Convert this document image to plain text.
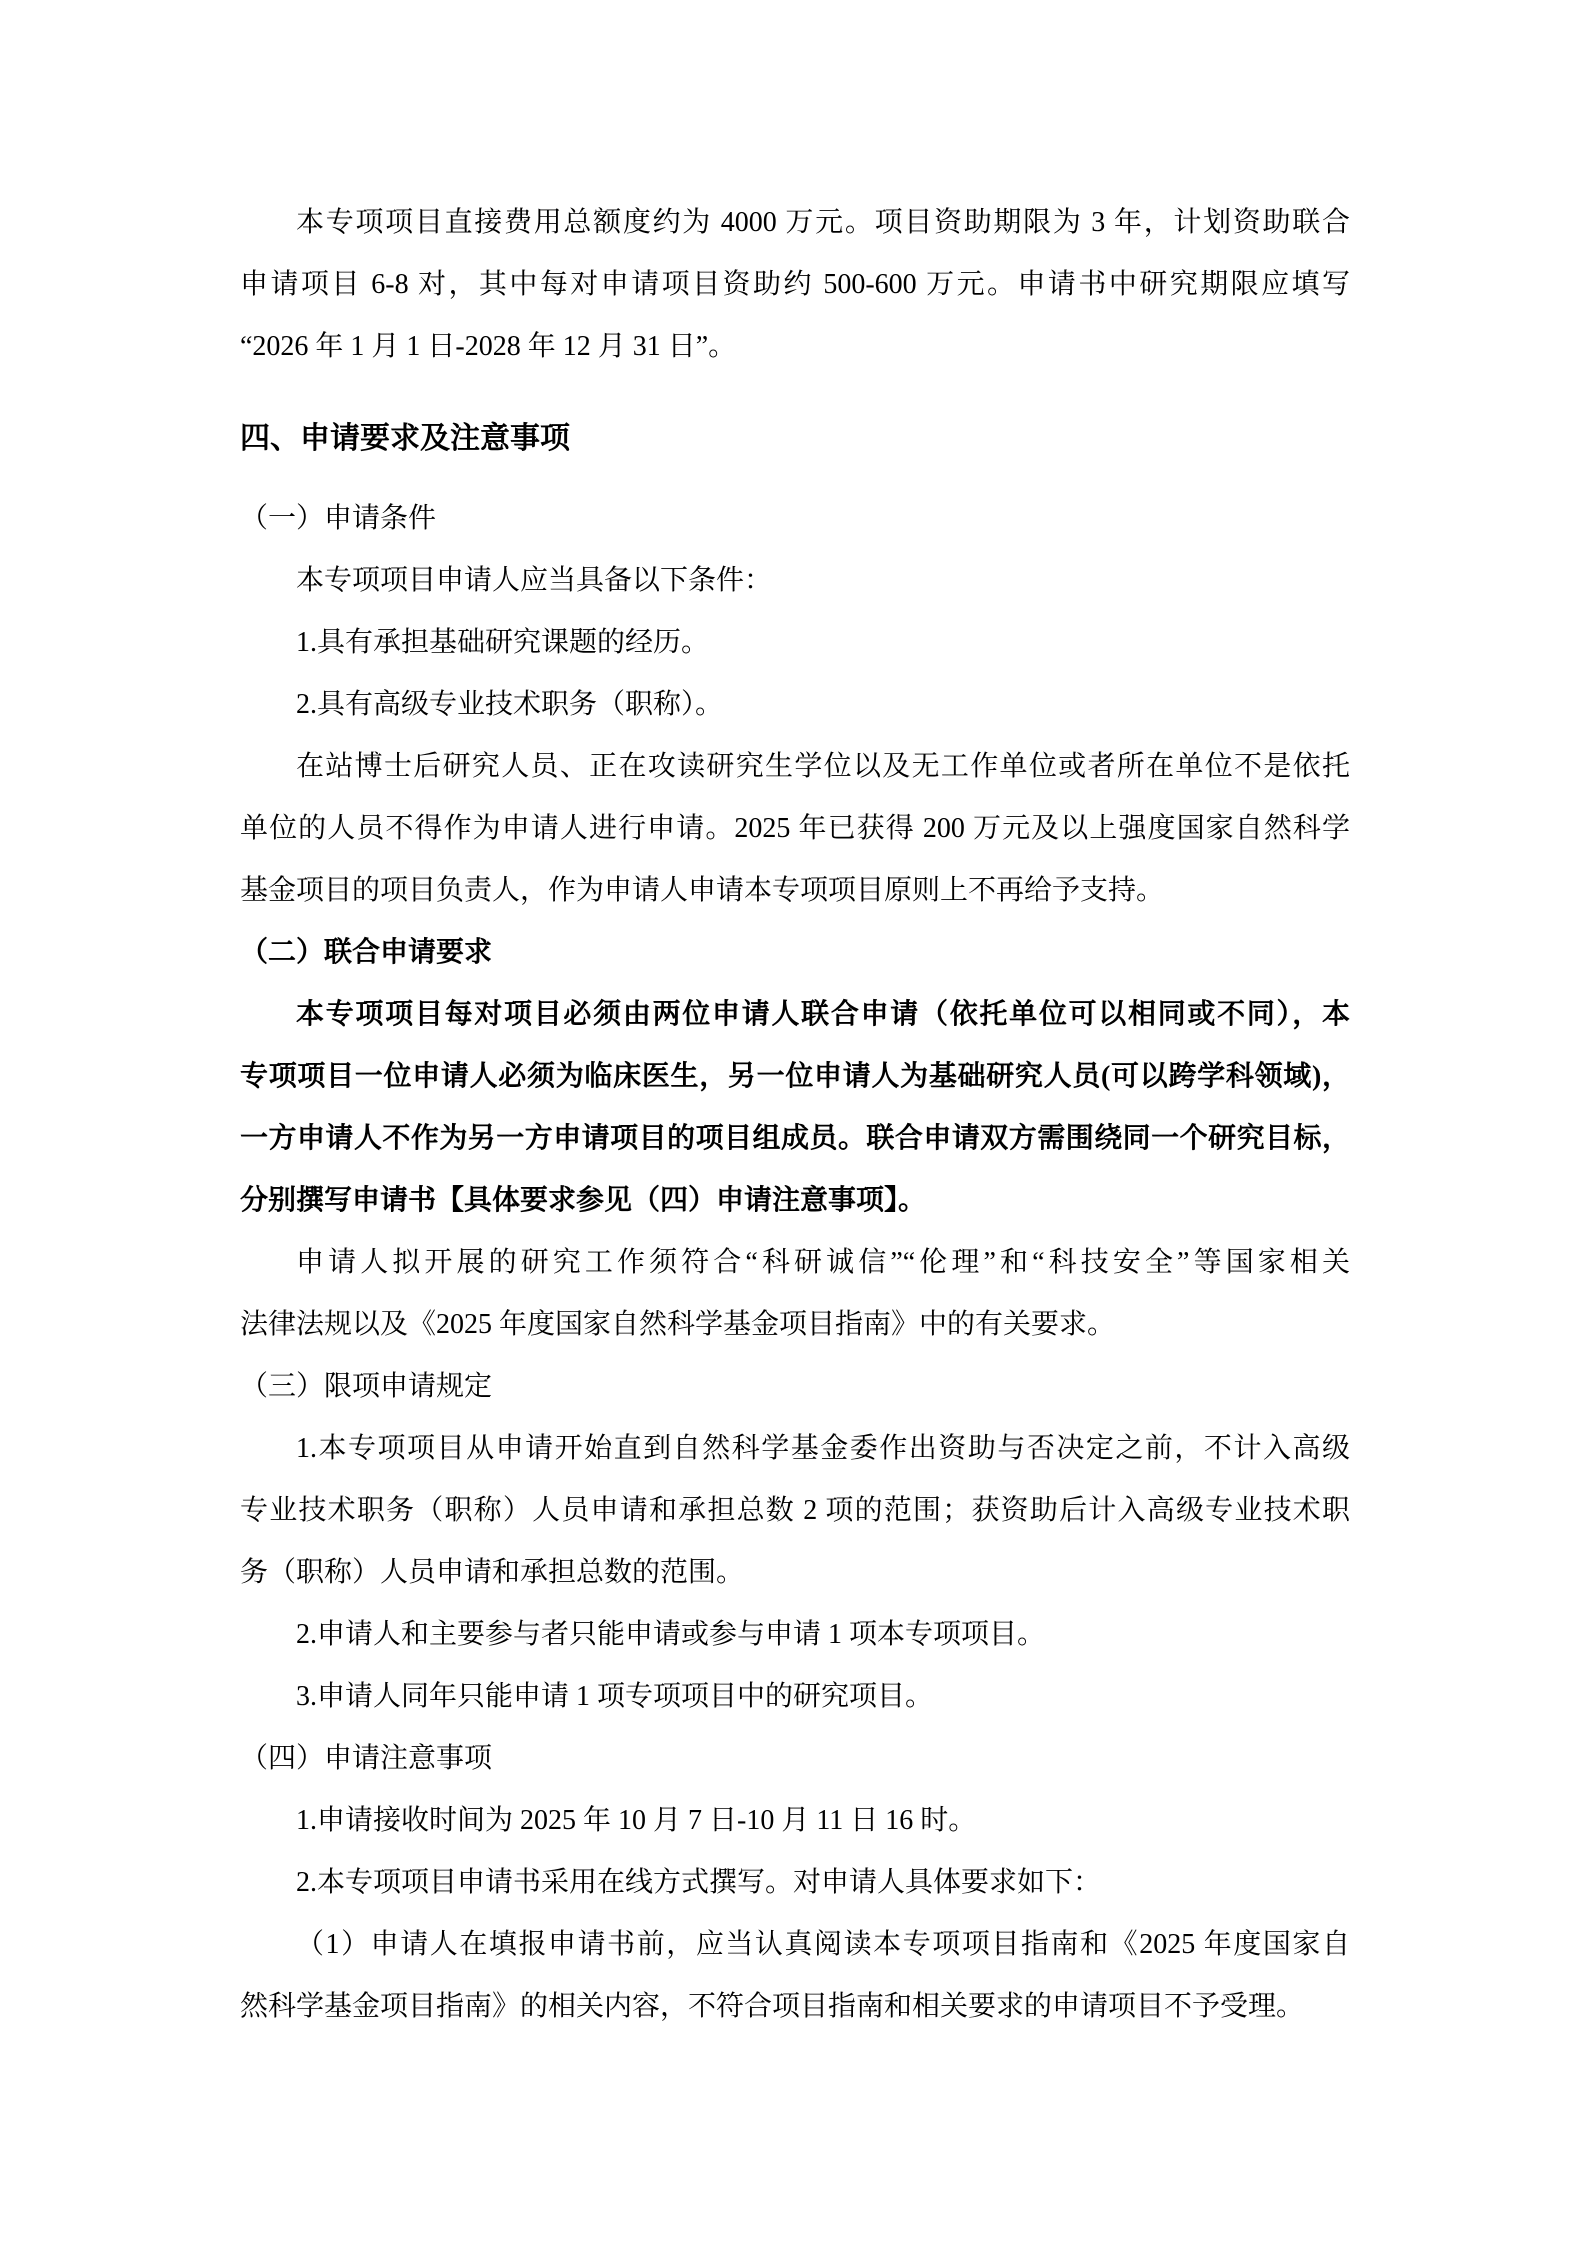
本专项项目直接费用总额度约为 4000 万元。项目资助期限为 3 年，计划资助联合
申请项目 6-8 对，其中每对申请项目资助约 500-600 万元。申请书中研究期限应填写
“2026 年 1 月 1 日-2028 年 12 月 31 日”。
四、申请要求及注意事项
（一）申请条件
本专项项目申请人应当具备以下条件：
1.具有承担基础研究课题的经历。
2.具有高级专业技术职务（职称）。
在站博士后研究人员、正在攻读研究生学位以及无工作单位或者所在单位不是依托
单位的人员不得作为申请人进行申请。2025 年已获得 200 万元及以上强度国家自然科学
基金项目的项目负责人，作为申请人申请本专项项目原则上不再给予支持。
（二）联合申请要求
本专项项目每对项目必须由两位申请人联合申请（依托单位可以相同或不同），本
专项项目一位申请人必须为临床医生，另一位申请人为基础研究人员(可以跨学科领域)，
一方申请人不作为另一方申请项目的项目组成员。联合申请双方需围绕同一个研究目标，
分别撰写申请书【具体要求参见（四）申请注意事项】。
申请人拟开展的研究工作须符合“科研诚信”“伦理”和“科技安全”等国家相关
法律法规以及《2025 年度国家自然科学基金项目指南》中的有关要求。
（三）限项申请规定
1.本专项项目从申请开始直到自然科学基金委作出资助与否决定之前，不计入高级
专业技术职务（职称）人员申请和承担总数 2 项的范围；获资助后计入高级专业技术职
务（职称）人员申请和承担总数的范围。
2.申请人和主要参与者只能申请或参与申请 1 项本专项项目。
3.申请人同年只能申请 1 项专项项目中的研究项目。
（四）申请注意事项
1.申请接收时间为 2025 年 10 月 7 日-10 月 11 日 16 时。
2.本专项项目申请书采用在线方式撰写。对申请人具体要求如下：
（1）申请人在填报申请书前，应当认真阅读本专项项目指南和《2025 年度国家自
然科学基金项目指南》的相关内容，不符合项目指南和相关要求的申请项目不予受理。
